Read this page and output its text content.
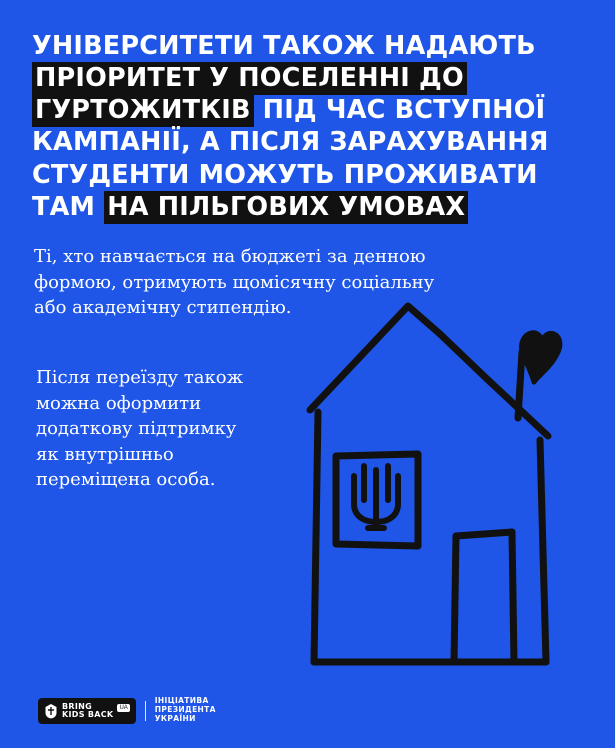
УНІВЕРСИТЕТИ ТАКОЖ НАДАЮТЬ
ПРІОРИТЕТ У ПОСЕЛЕННІ ДО
ГУРТОЖИТКІВ ПІД ЧАС ВСТУПНОЇ
КАМПАНІЇ, А ПІСЛЯ ЗАРАХУВАННЯ
СТУДЕНТИ МОЖУТЬ ПРОЖИВАТИ
ТАМ НА ПІЛЬГОВИХ УМОВАХ

Ті, хто навчається на бюджеті за денною
формою, отримують щомісячну соціальну
або академічну стипендію.

Після переїзду також
можна оформити
додаткову підтримку
як внутрішньо
переміщена особа.

BRING
KIDS BACK
UA
ІНІЦІАТИВА
ПРЕЗИДЕНТА
УКРАЇНИ
